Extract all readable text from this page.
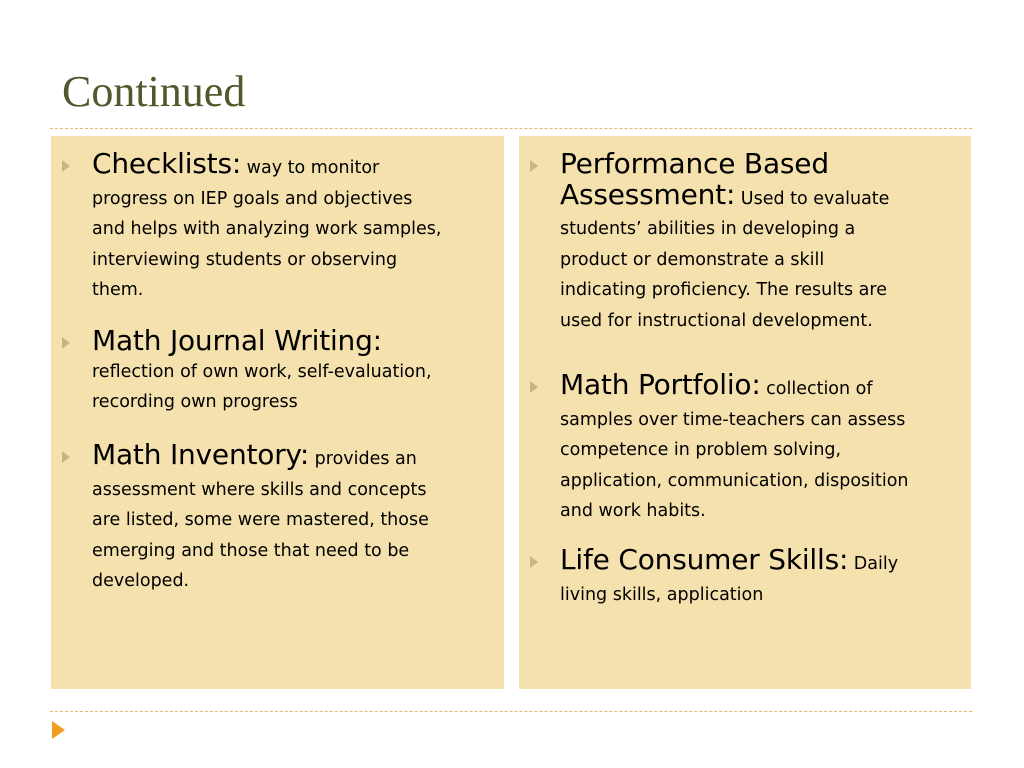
Continued
Checklists: way to monitor
progress on IEP goals and objectives
and helps with analyzing work samples,
interviewing students or observing
them.
Math Journal Writing:
reflection of own work, self-evaluation,
recording own progress
Math Inventory: provides an
assessment where skills and concepts
are listed, some were mastered, those
emerging and those that need to be
developed.
Performance Based
Assessment: Used to evaluate
students’ abilities in developing a
product or demonstrate a skill
indicating proficiency. The results are
used for instructional development.
Math Portfolio: collection of
samples over time-teachers can assess
competence in problem solving,
application, communication, disposition
and work habits.
Life Consumer Skills: Daily
living skills, application
